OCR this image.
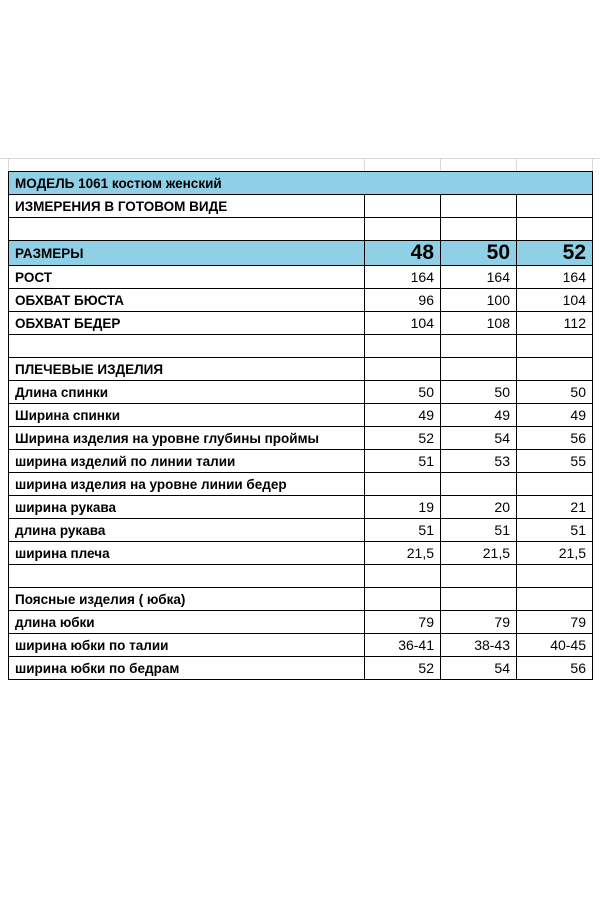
МОДЕЛЬ 1061 костюм женский			
ИЗМЕРЕНИЯ В ГОТОВОМ ВИДЕ			

РАЗМЕРЫ	48	50	52
РОСТ	164	164	164
ОБХВАТ БЮСТА	96	100	104
ОБХВАТ БЕДЕР	104	108	112

ПЛЕЧЕВЫЕ ИЗДЕЛИЯ			
Длина спинки	50	50	50
Ширина спинки	49	49	49
Ширина изделия на уровне глубины проймы	52	54	56
ширина изделий по линии талии	51	53	55
ширина изделия на уровне линии бедер			
ширина рукава	19	20	21
длина рукава	51	51	51
ширина плеча	21,5	21,5	21,5

Поясные изделия ( юбка)			
длина юбки	79	79	79
ширина юбки по талии	36-41	38-43	40-45
ширина юбки по бедрам	52	54	56
